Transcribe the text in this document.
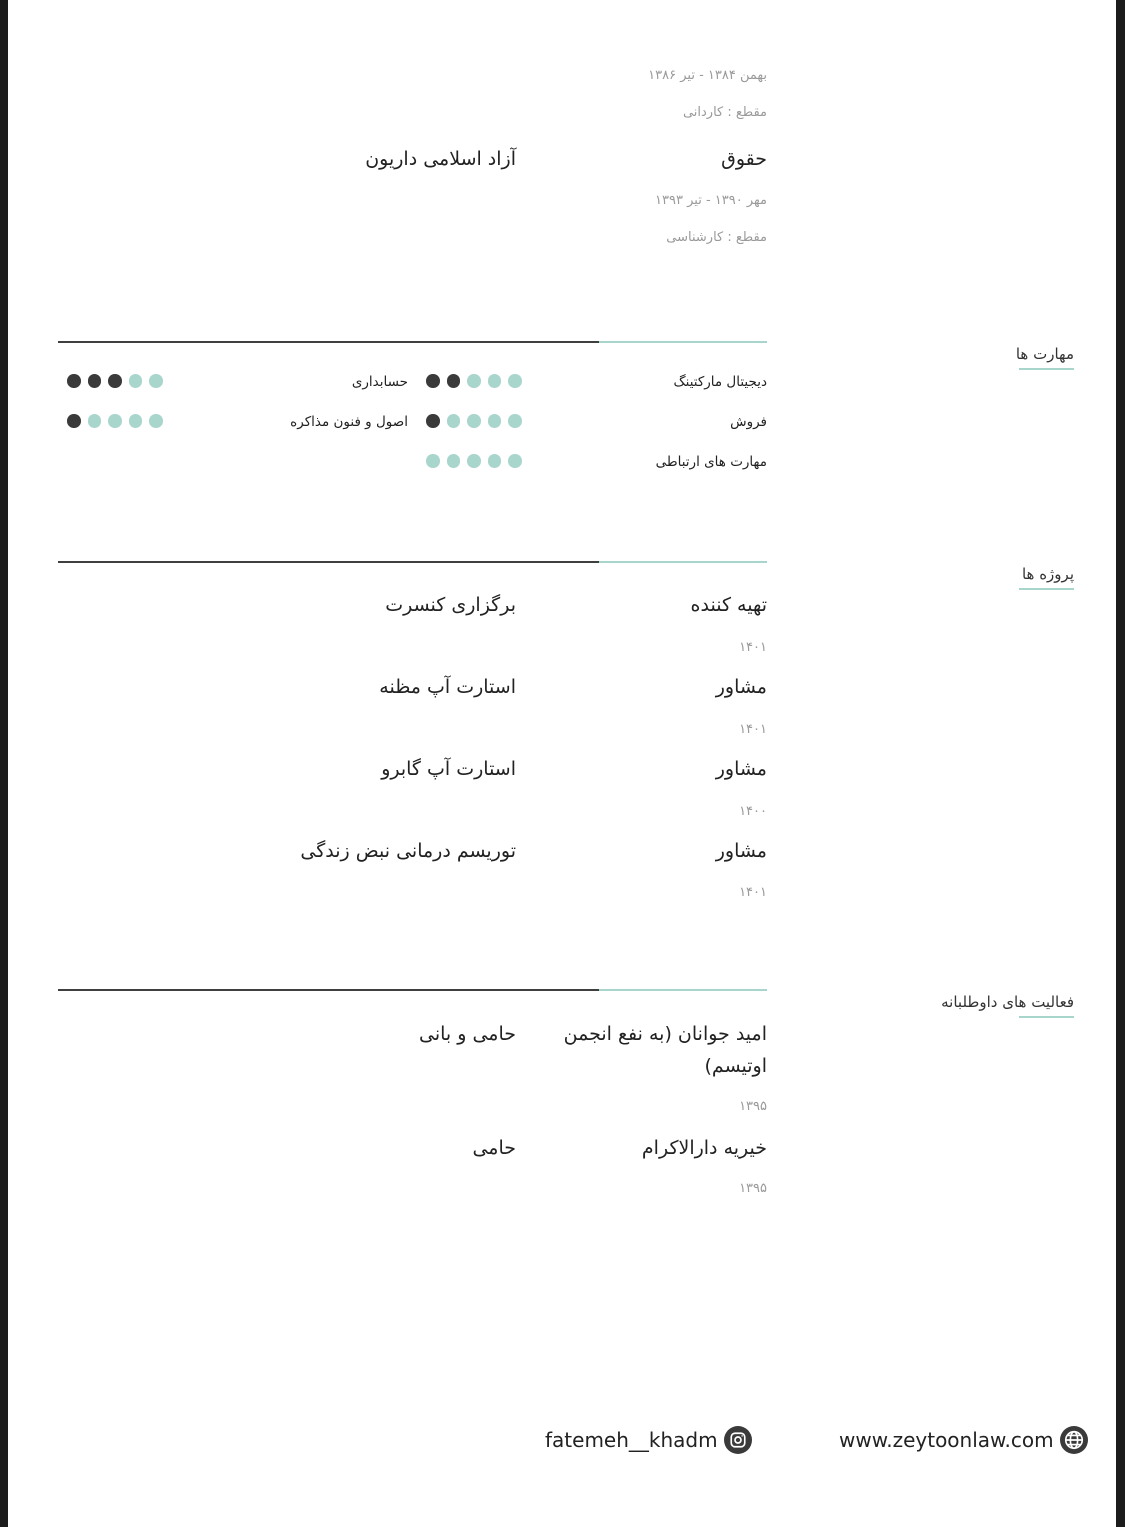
بهمن ۱۳۸۴ - تیر ۱۳۸۶
مقطع : کاردانی
حقوق
آزاد اسلامی داریون
مهر ۱۳۹۰ - تیر ۱۳۹۳
مقطع : کارشناسی
مهارت ها
دیجیتال مارکتینگ
حسابداری
فروش
اصول و فنون مذاکره
مهارت های ارتباطی
پروژه ها
تهیه کننده
برگزاری کنسرت
۱۴۰۱
مشاور
استارت آپ مظنه
۱۴۰۱
مشاور
استارت آپ گابرو
۱۴۰۰
مشاور
توریسم درمانی نبض زندگی
۱۴۰۱
فعالیت های داوطلبانه
امید جوانان (به نفع انجمن
اوتیسم)
حامی و بانی
۱۳۹۵
خیریه دارالاکرام
حامی
۱۳۹۵
www.zeytoonlaw.com
fatemeh__khadm
